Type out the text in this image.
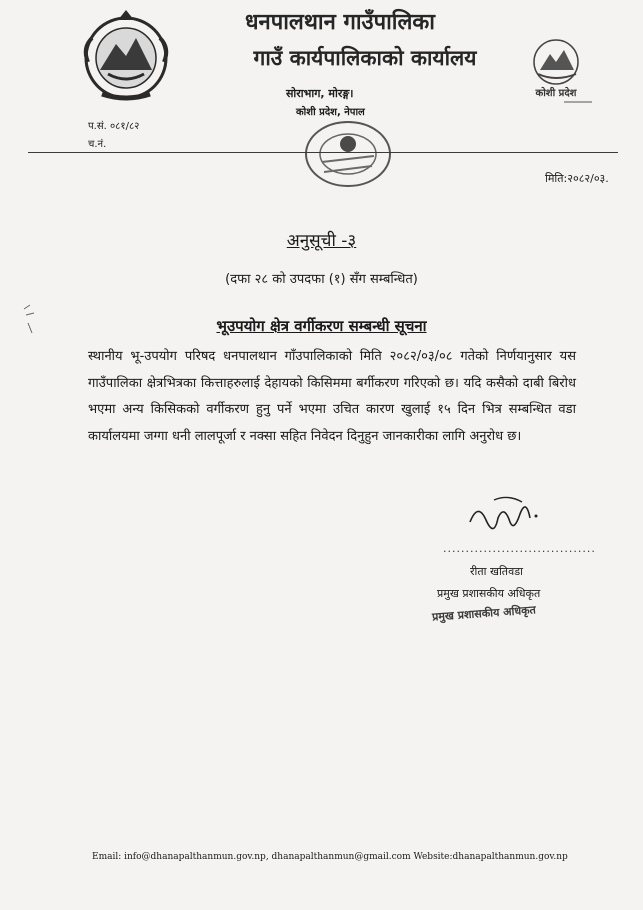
कोशी प्रदेश
धनपालथान गाउँपालिका
गाउँ कार्यपालिकाको कार्यालय
सोराभाग, मोरङ्ग।
कोशी प्रदेश, नेपाल
प.सं. ०८१/८२
च.नं.
मिति:२०८२/०३.
अनुसूची -३
(दफा २८ को उपदफा (१) सँग सम्बन्धित)
भूउपयोग क्षेत्र वर्गीकरण सम्बन्धी सूचना
स्थानीय भू-उपयोग परिषद धनपालथान गाँउपालिकाको मिति २०८२/०३/०८ गतेको निर्णयानुसार यस गाउँपालिका क्षेत्रभित्रका कित्ताहरुलाई देहायको किसिममा बर्गीकरण गरिएको छ। यदि कसैको दाबी बिरोध भएमा अन्य किसिकको वर्गीकरण हुनु पर्ने भएमा उचित कारण खुलाई १५ दिन भित्र सम्बन्धित वडा कार्यालयमा जग्गा धनी लालपूर्जा र नक्सा सहित निवेदन दिनुहुन जानकारीका लागि अनुरोध छ।
..................................
रीता खतिवडा
प्रमुख प्रशासकीय अधिकृत
प्रमुख प्रशासकीय अधिकृत
Email: info@dhanapalthanmun.gov.np, dhanapalthanmun@gmail.com Website:dhanapalthanmun.gov.np
